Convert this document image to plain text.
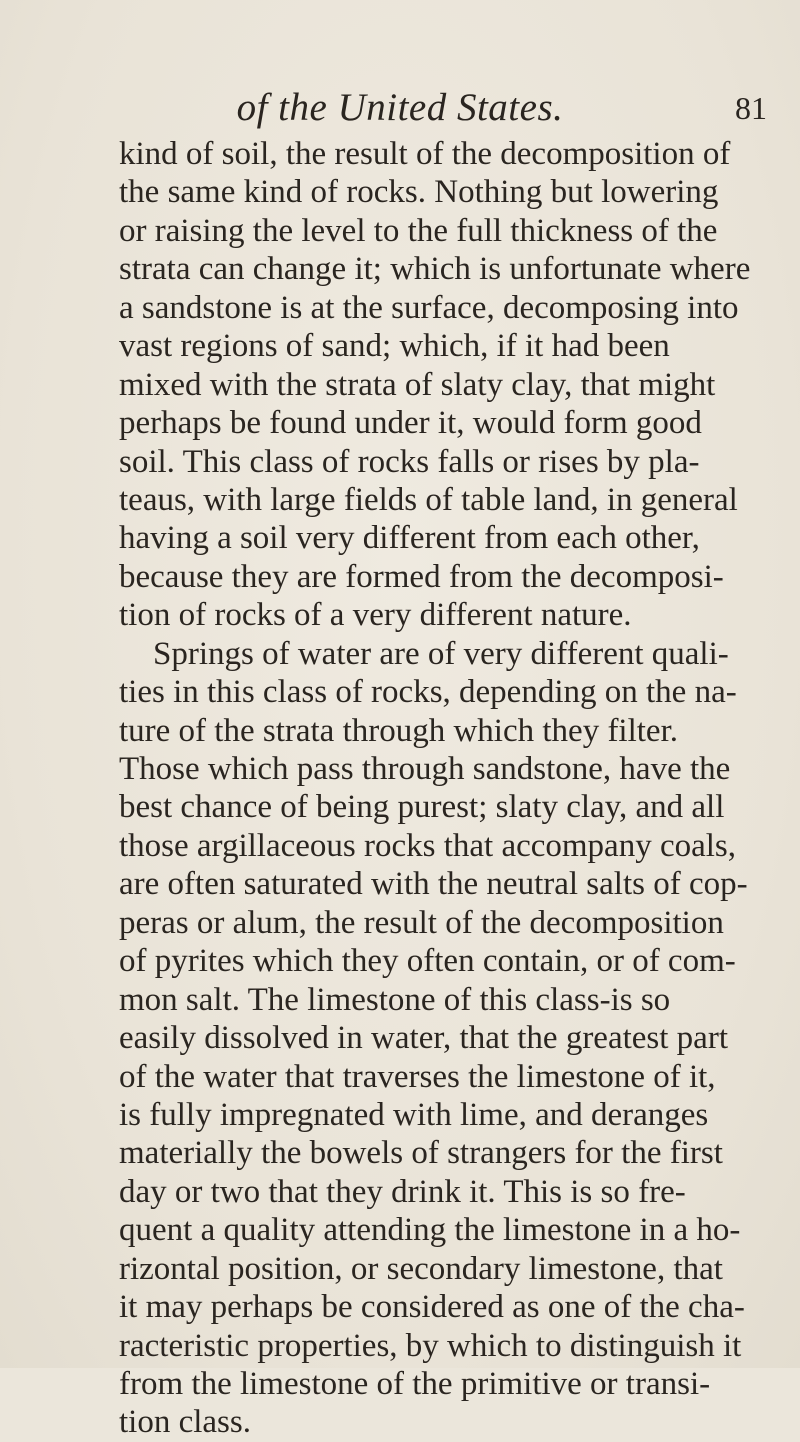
of the United States.	81
kind of soil, the result of the decomposition of
the same kind of rocks. Nothing but lowering
or raising the level to the full thickness of the
strata can change it; which is unfortunate where
a sandstone is at the surface, decomposing into
vast regions of sand; which, if it had been
mixed with the strata of slaty clay, that might
perhaps be found under it, would form good
soil. This class of rocks falls or rises by pla-
teaus, with large fields of table land, in general
having a soil very different from each other,
because they are formed from the decomposi-
tion of rocks of a very different nature.
Springs of water are of very different quali-
ties in this class of rocks, depending on the na-
ture of the strata through which they filter.
Those which pass through sandstone, have the
best chance of being purest; slaty clay, and all
those argillaceous rocks that accompany coals,
are often saturated with the neutral salts of cop-
peras or alum, the result of the decomposition
of pyrites which they often contain, or of com-
mon salt. The limestone of this class-is so
easily dissolved in water, that the greatest part
of the water that traverses the limestone of it,
is fully impregnated with lime, and deranges
materially the bowels of strangers for the first
day or two that they drink it. This is so fre-
quent a quality attending the limestone in a ho-
rizontal position, or secondary limestone, that
it may perhaps be considered as one of the cha-
racteristic properties, by which to distinguish it
from the limestone of the primitive or transi-
tion class.
